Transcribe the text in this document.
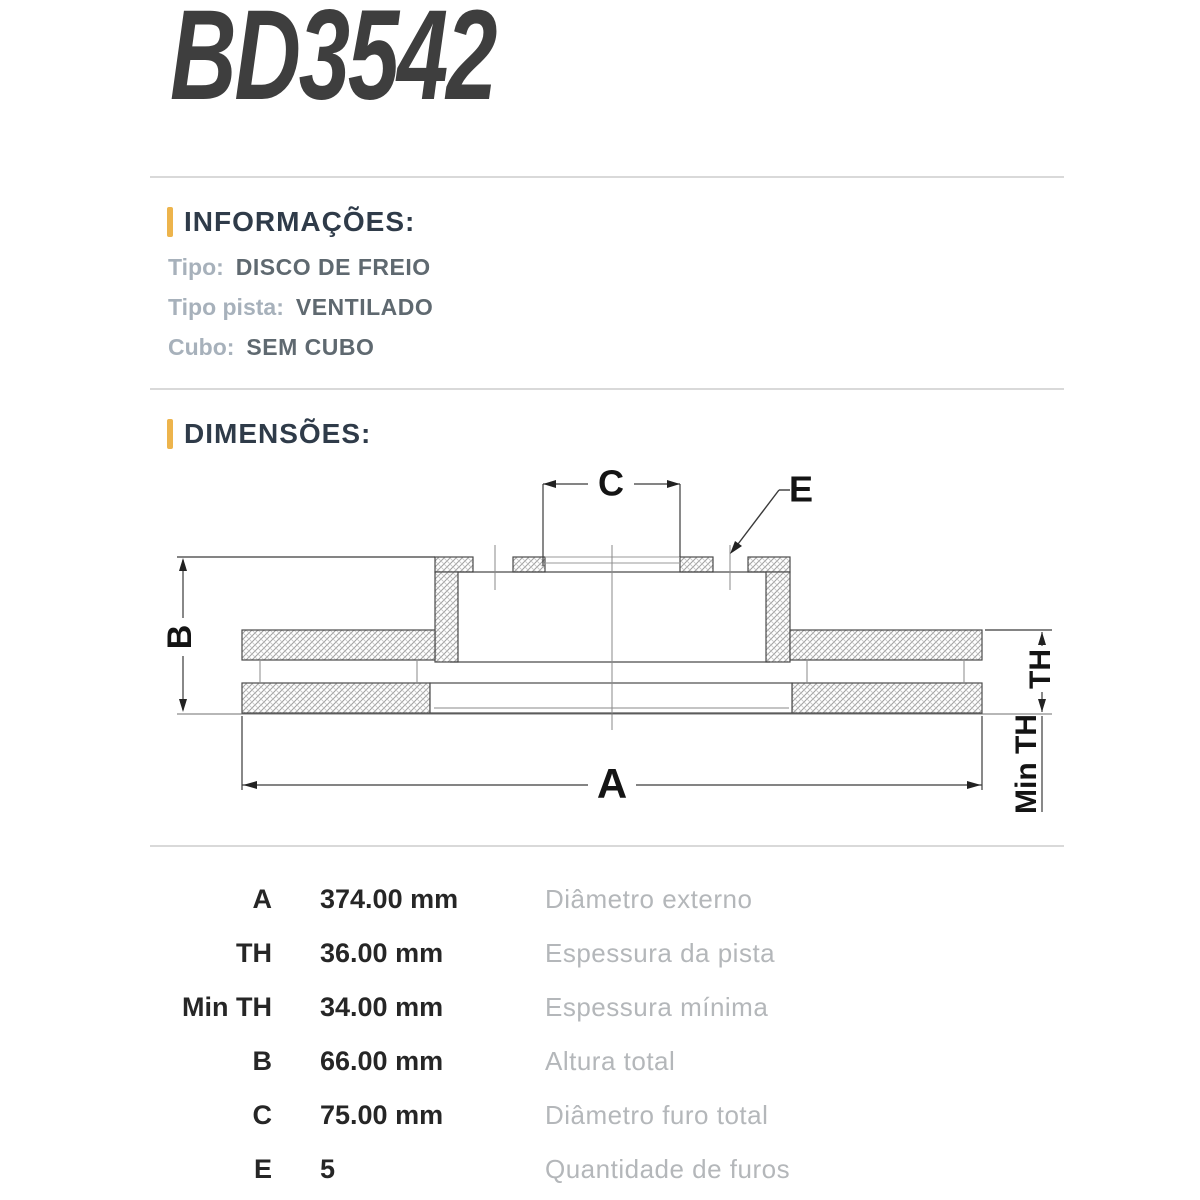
BD3542
INFORMAÇÕES:
Tipo: DISCO DE FREIO
Tipo pista: VENTILADO
Cubo: SEM CUBO
DIMENSÕES:
B
C	E
A
TH
Min TH
A 374.00 mm	Diâmetro externo
TH 36.00 mm	Espessura da pista
Min TH 34.00 mm	Espessura mínima
B 66.00 mm	Altura total
C 75.00 mm	Diâmetro furo total
E 5	Quantidade de furos
